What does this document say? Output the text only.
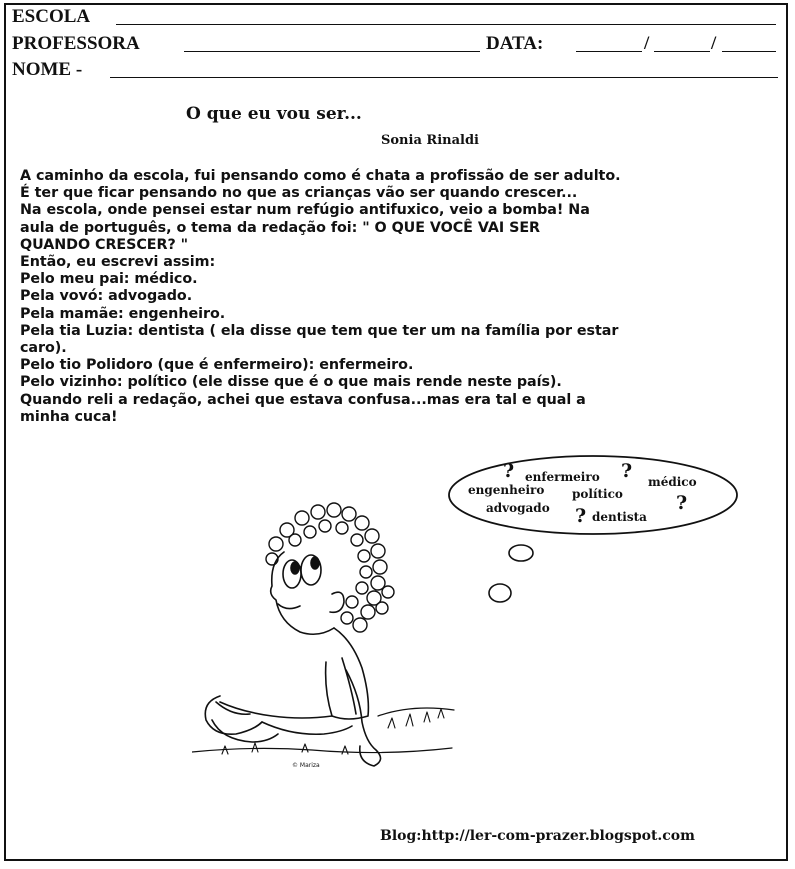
ESCOLA
PROFESSORA	DATA:	/	/
NOME -
O que eu vou ser...
Sonia Rinaldi
A caminho da escola, fui pensando como é chata a profissão de ser adulto.
É ter que ficar pensando no que as crianças vão ser quando crescer...
Na escola, onde pensei estar num refúgio antifuxico, veio a bomba! Na
aula de português, o tema da redação foi: " O QUE VOCÊ VAI SER
QUANDO CRESCER? "
Então, eu escrevi assim:
Pelo meu pai: médico.
Pela vovó: advogado.
Pela mamãe: engenheiro.
Pela tia Luzia: dentista ( ela disse que tem que ter um na família por estar
caro).
Pelo tio Polidoro (que é enfermeiro): enfermeiro.
Pelo vizinho: político (ele disse que é o que mais rende neste país).
Quando reli a redação, achei que estava confusa...mas era tal e qual a
minha cuca!
enfermeiro	médico
engenheiro político
advogado
dentista
?	?
?
?
© Mariza
Blog:http://ler-com-prazer.blogspot.com
